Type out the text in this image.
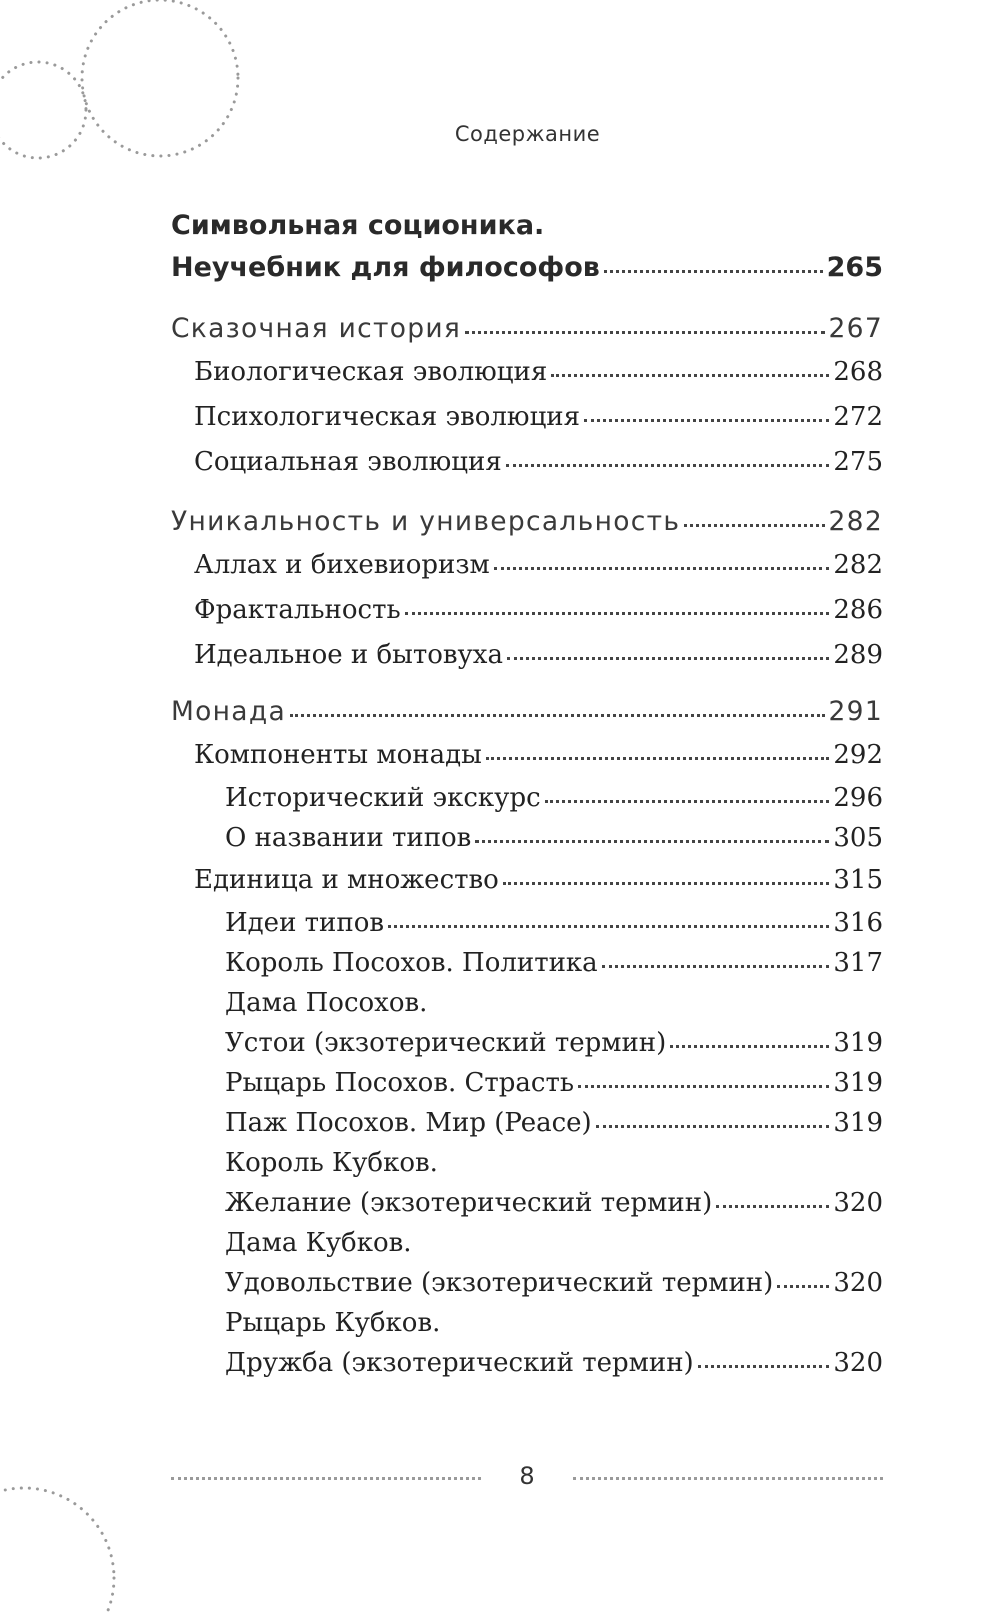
Содержание
Символьная соционика.
Неучебник для философов	265
Сказочная история	267
Биологическая эволюция	268
Психологическая эволюция	272
Социальная эволюция	275
Уникальность и универсальность	282
Аллах и бихевиоризм	282
Фрактальность	286
Идеальное и бытовуха	289
Монада	291
Компоненты монады	292
Исторический экскурс	296
О названии типов	305
Единица и множество	315
Идеи типов	316
Король Посохов. Политика	317
Дама Посохов.
Устои (экзотерический термин)	319
Рыцарь Посохов. Страсть	319
Паж Посохов. Мир (Peace)	319
Король Кубков.
Желание (экзотерический термин)	320
Дама Кубков.
Удовольствие (экзотерический термин) 320
Рыцарь Кубков.
Дружба (экзотерический термин)	320
8
